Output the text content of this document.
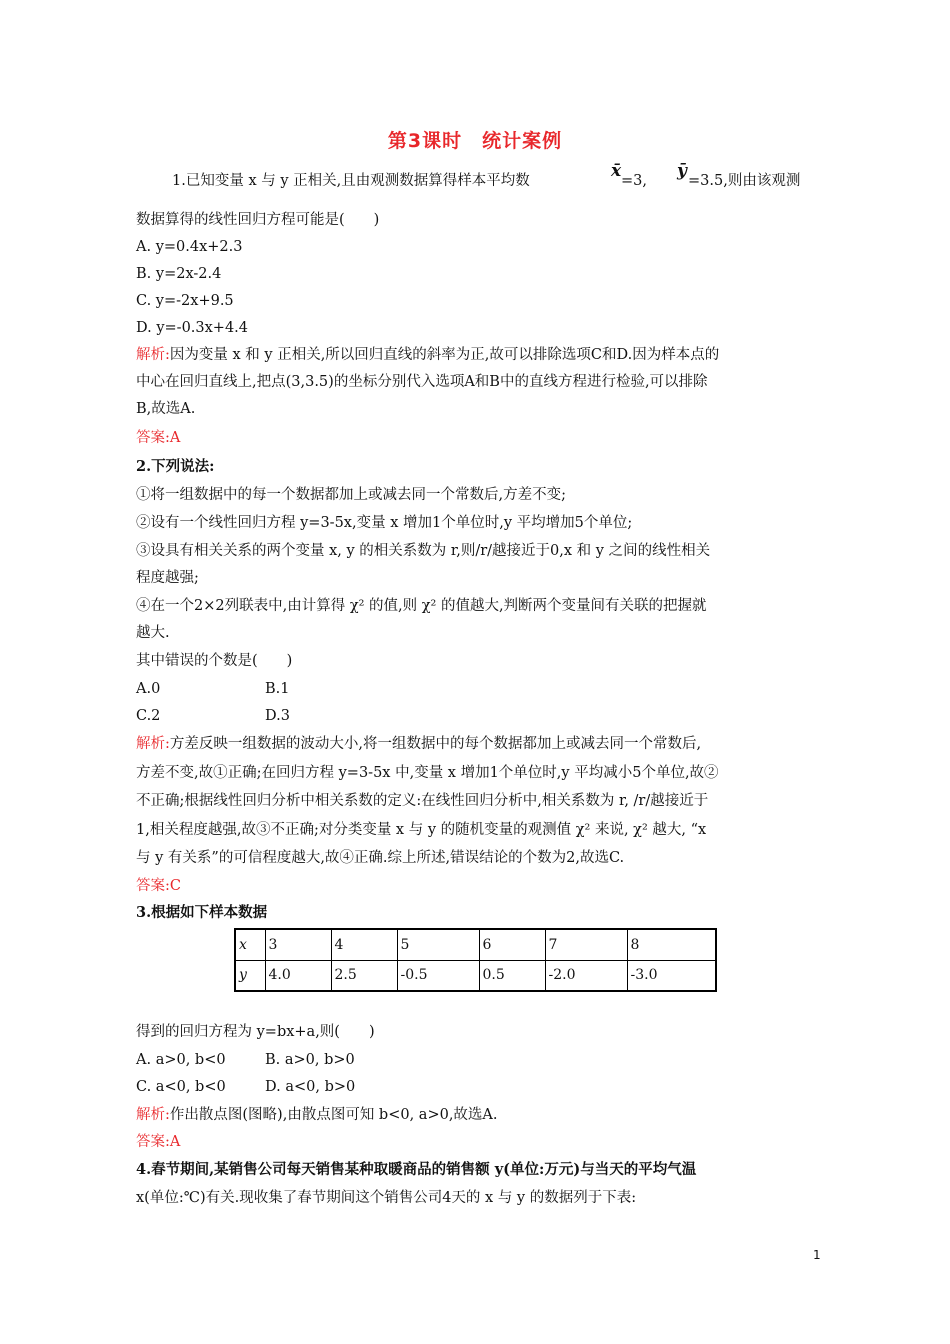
第3课时　统计案例
1.已知变量 x 与 y 正相关,且由观测数据算得样本平均数	x̄ =3, ȳ =3.5,则由该观测
数据算得的线性回归方程可能是(　　)
A. y=0.4x+2.3
B. y=2x-2.4
C. y=-2x+9.5
D. y=-0.3x+4.4
解析:因为变量 x 和 y 正相关,所以回归直线的斜率为正,故可以排除选项C和D.因为样本点的
中心在回归直线上,把点(3,3.5)的坐标分别代入选项A和B中的直线方程进行检验,可以排除
B,故选A.
答案:A
2.下列说法:
①将一组数据中的每一个数据都加上或减去同一个常数后,方差不变;
②设有一个线性回归方程 y=3-5x,变量 x 增加1个单位时,y 平均增加5个单位;
③设具有相关关系的两个变量 x, y 的相关系数为 r,则/r/越接近于0,x 和 y 之间的线性相关
程度越强;
④在一个2×2列联表中,由计算得 χ² 的值,则 χ² 的值越大,判断两个变量间有关联的把握就
越大.
其中错误的个数是(　　)
A.0	B.1
C.2	D.3
解析:方差反映一组数据的波动大小,将一组数据中的每个数据都加上或减去同一个常数后,
方差不变,故①正确;在回归方程 y=3-5x 中,变量 x 增加1个单位时,y 平均减小5个单位,故②
不正确;根据线性回归分析中相关系数的定义:在线性回归分析中,相关系数为 r, /r/越接近于
1,相关程度越强,故③不正确;对分类变量 x 与 y 的随机变量的观测值 χ² 来说, χ² 越大, “x
与 y 有关系”的可信程度越大,故④正确.综上所述,错误结论的个数为2,故选C.
答案:C
3.根据如下样本数据
x	3	4	5	6	7	8
y	4.0	2.5	-0.5	0.5	-2.0	-3.0
得到的回归方程为 y=bx+a,则(　　)
A. a>0, b<0	B. a>0, b>0
C. a<0, b<0	D. a<0, b>0
解析:作出散点图(图略),由散点图可知 b<0, a>0,故选A.
答案:A
4.春节期间,某销售公司每天销售某种取暖商品的销售额 y(单位:万元)与当天的平均气温
x(单位:℃)有关.现收集了春节期间这个销售公司4天的 x 与 y 的数据列于下表:
1
